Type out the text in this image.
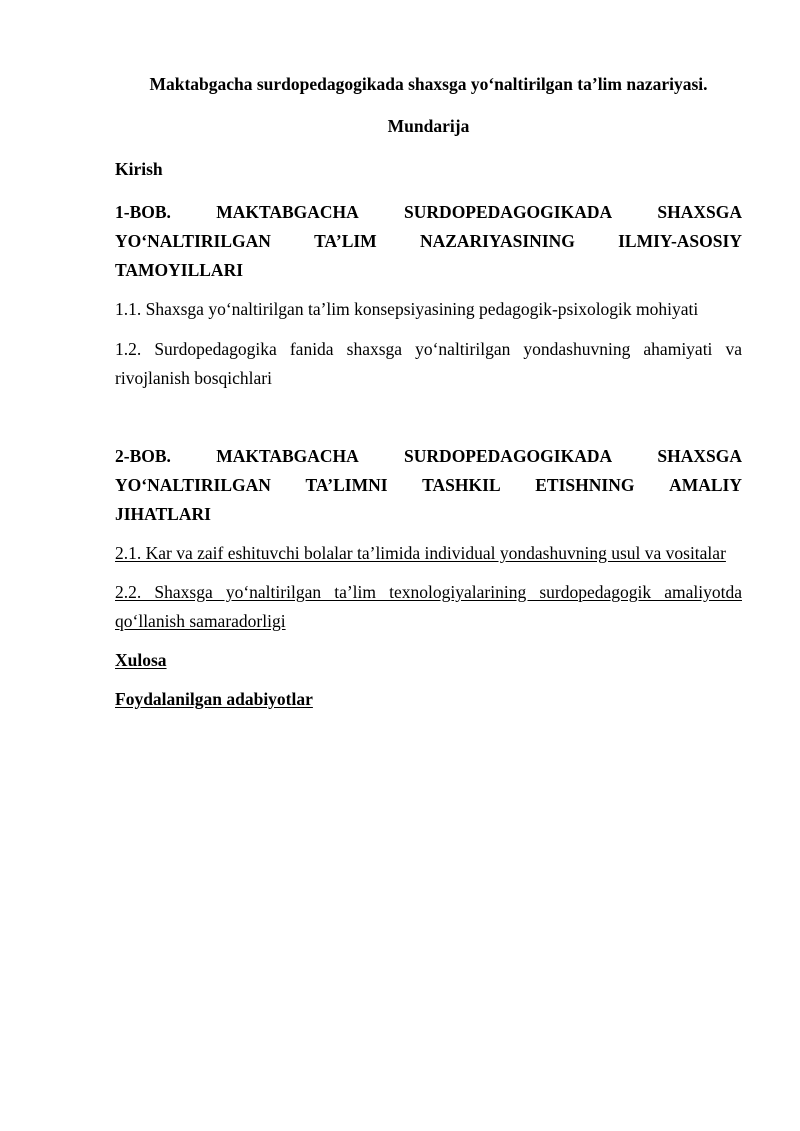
Maktabgacha surdopedagogikada shaxsga yo‘naltirilgan ta’lim nazariyasi.

Mundarija

Kirish

1-BOB.	MAKTABGACHA	SURDOPEDAGOGIKADA	SHAXSGA
YO‘NALTIRILGAN TA’LIM NAZARIYASINING ILMIY-ASOSIY
TAMOYILLARI

1.1. Shaxsga yo‘naltirilgan ta’lim konsepsiyasining pedagogik-psixologik mohiyati

1.2. Surdopedagogika fanida shaxsga yo‘naltirilgan yondashuvning ahamiyati va rivojlanish bosqichlari

2-BOB.	MAKTABGACHA	SURDOPEDAGOGIKADA	SHAXSGA
YO‘NALTIRILGAN TA’LIMNI TASHKIL ETISHNING AMALIY
JIHATLARI

2.1. Kar va zaif eshituvchi bolalar ta’limida individual yondashuvning usul va vositalar

2.2. Shaxsga yo‘naltirilgan ta’lim texnologiyalarining surdopedagogik amaliyotda qo‘llanish samaradorligi

Xulosa

Foydalanilgan adabiyotlar
